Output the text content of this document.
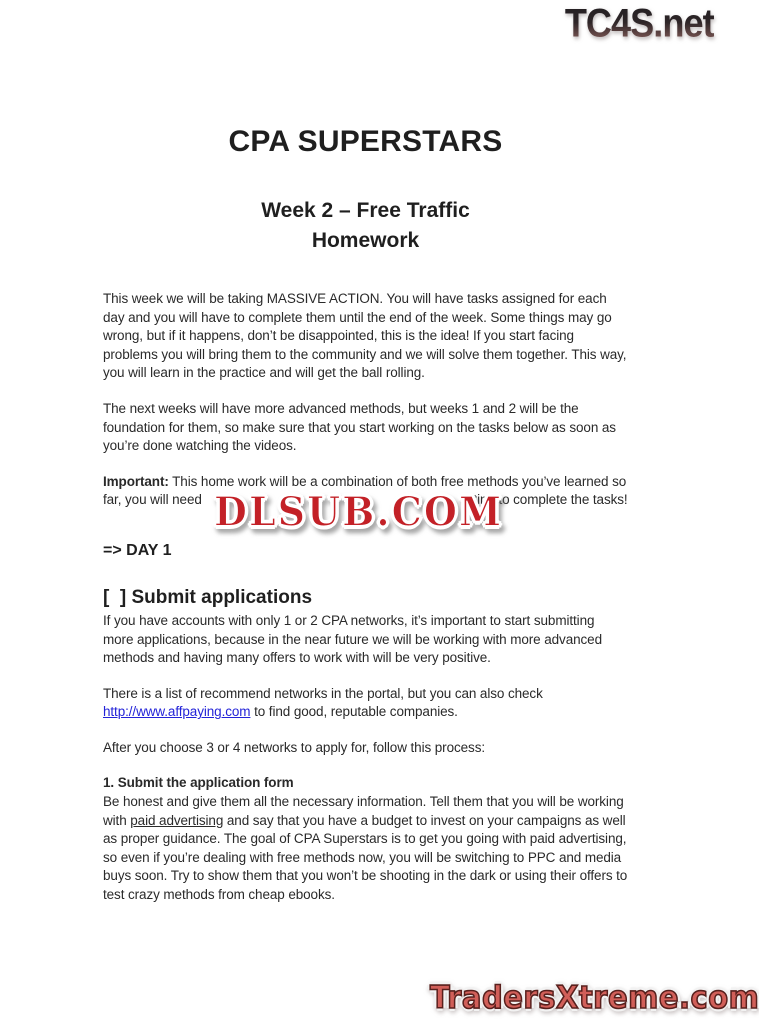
TC4S.net
CPA SUPERSTARS
Week 2 – Free Traffic
Homework

This week we will be taking MASSIVE ACTION. You will have tasks assigned for each day and you will have to complete them until the end of the week. Some things may go wrong, but if it happens, don’t be disappointed, this is the idea! If you start facing problems you will bring them to the community and we will solve them together. This way, you will learn in the practice and will get the ball rolling.

The next weeks will have more advanced methods, but weeks 1 and 2 will be the foundation for them, so make sure that you start working on the tasks below as soon as you’re done watching the videos.

Important: This home work will be a combination of both free methods you’ve learned so far, you will need	ting to complete the tasks!

=> DAY 1
[  ] Submit applications

If you have accounts with only 1 or 2 CPA networks, it’s important to start submitting more applications, because in the near future we will be working with more advanced methods and having many offers to work with will be very positive.

There is a list of recommend networks in the portal, but you can also check http://www.affpaying.com to find good, reputable companies.

After you choose 3 or 4 networks to apply for, follow this process:

1. Submit the application form

Be honest and give them all the necessary information. Tell them that you will be working with paid advertising and say that you have a budget to invest on your campaigns as well as proper guidance. The goal of CPA Superstars is to get you going with paid advertising, so even if you’re dealing with free methods now, you will be switching to PPC and media buys soon. Try to show them that you won’t be shooting in the dark or using their offers to test crazy methods from cheap ebooks.

DLSUB.COM
TradersXtreme.com
